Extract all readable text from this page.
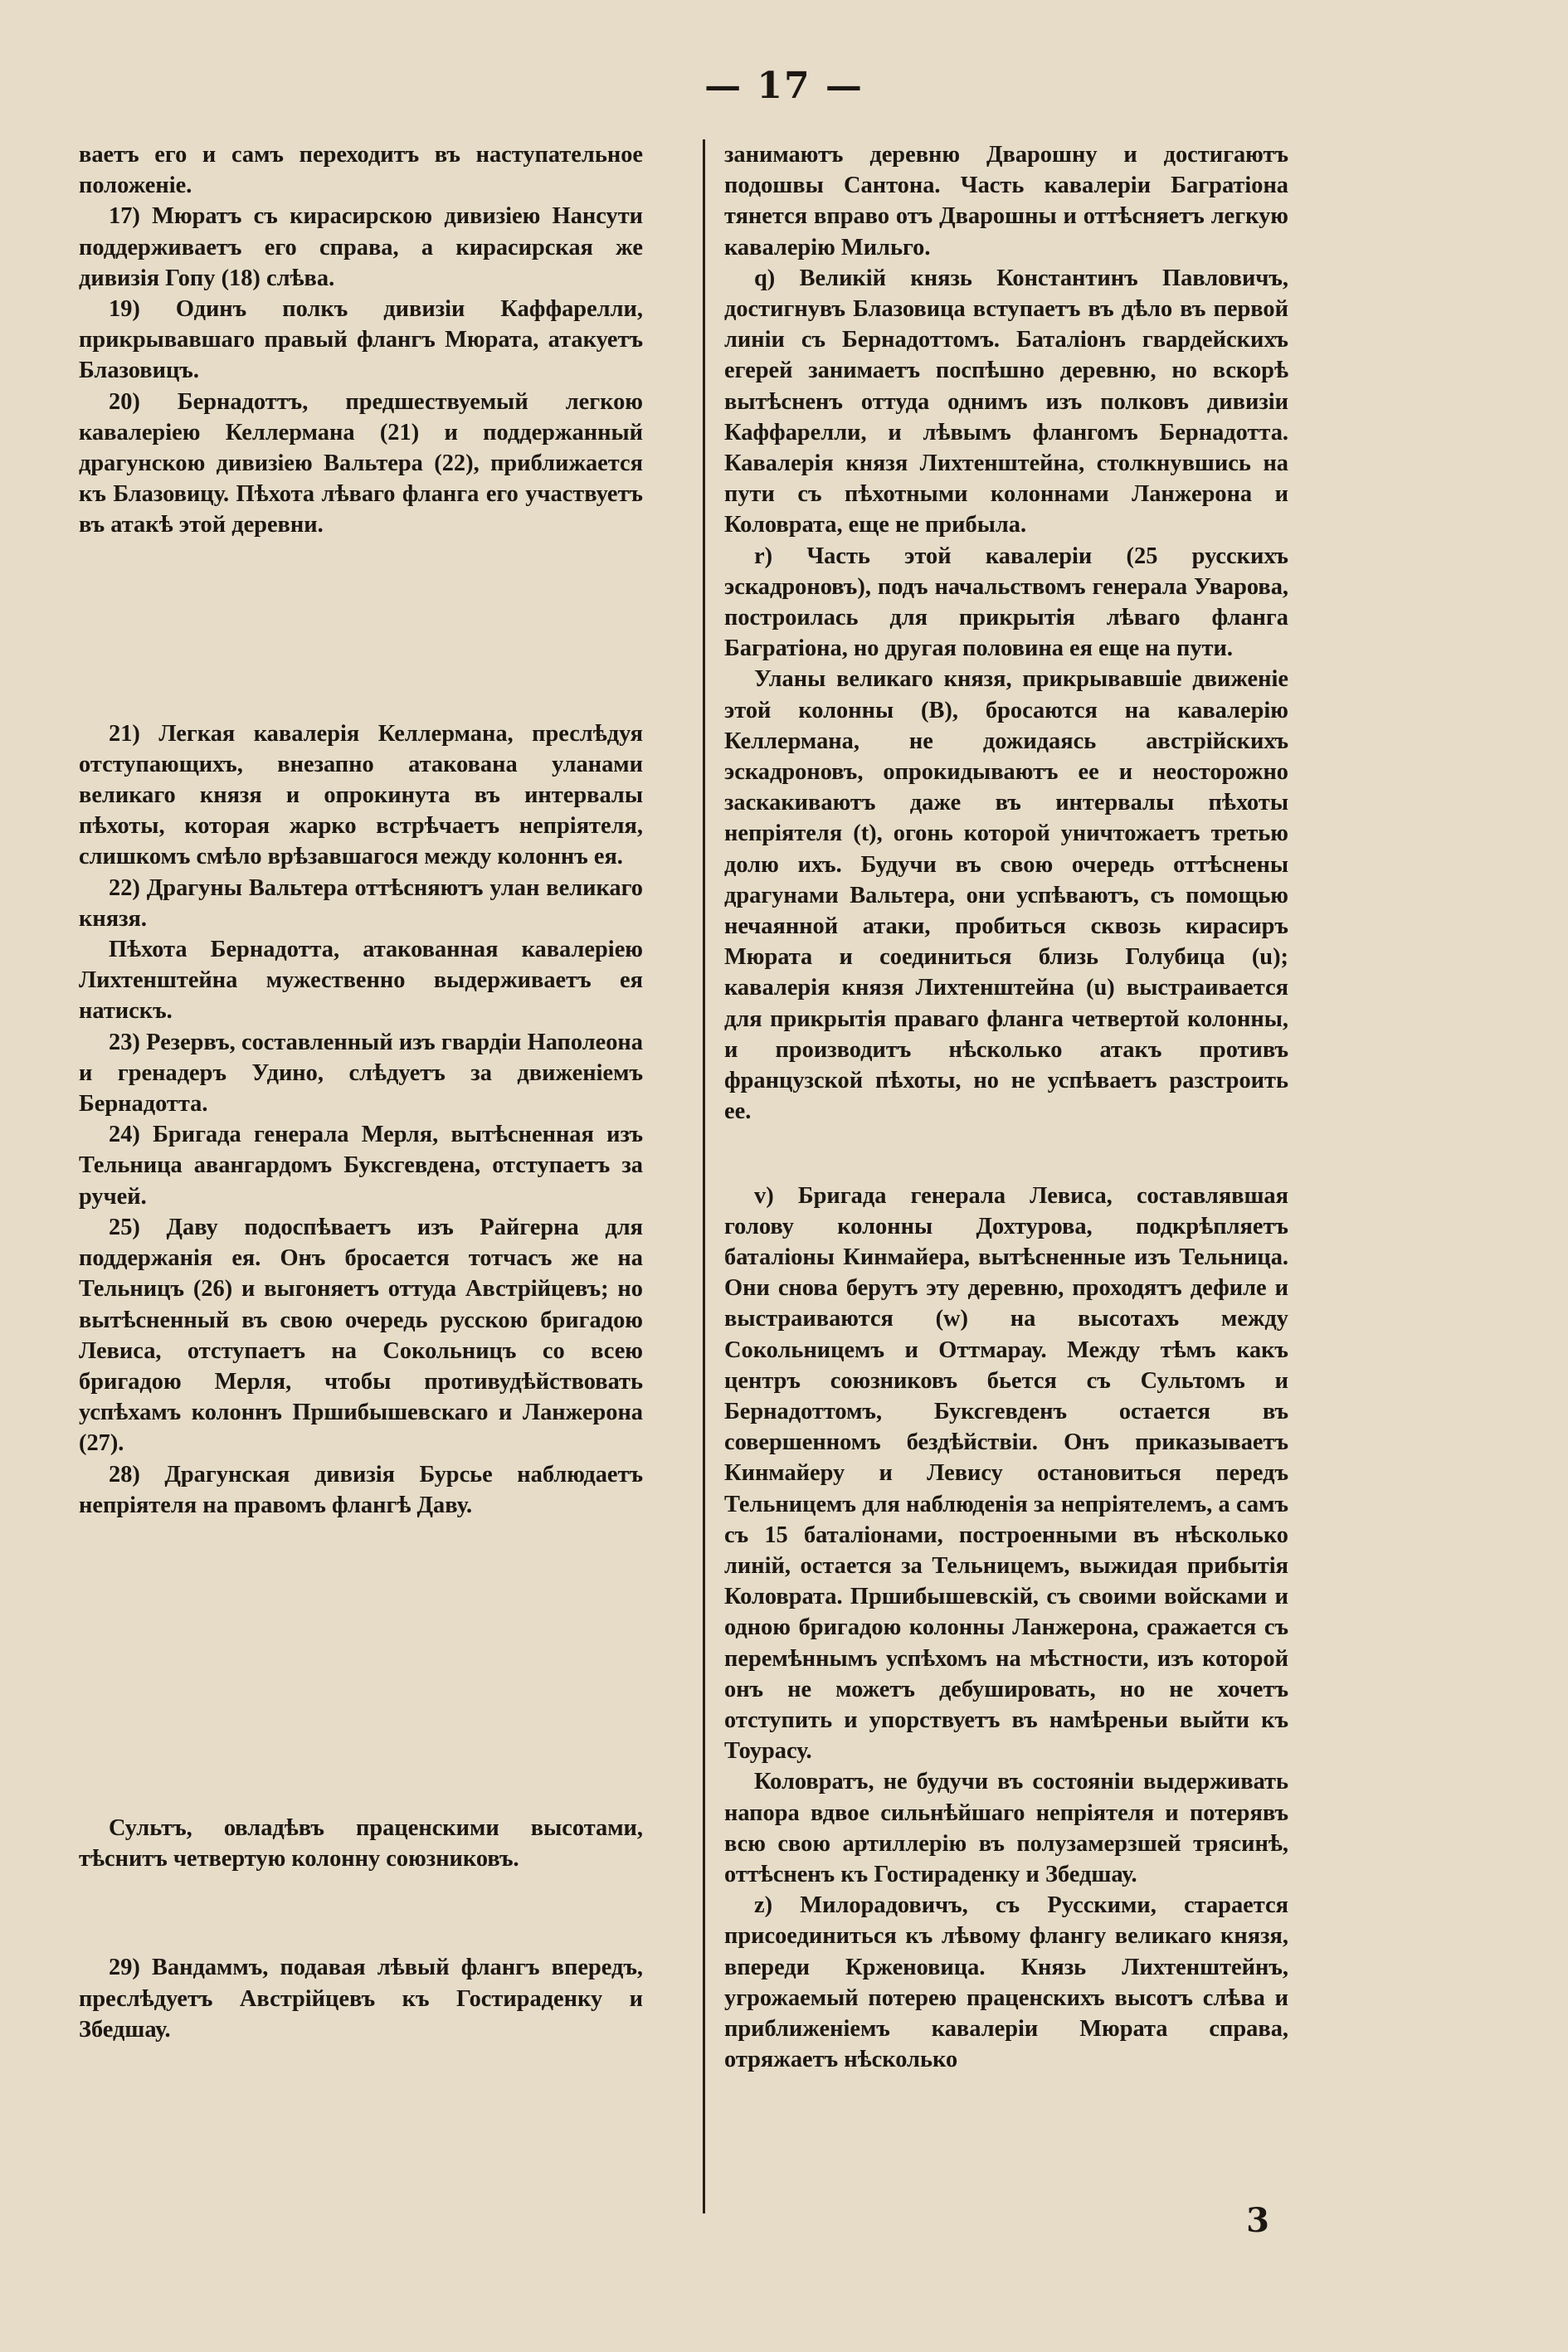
— 17 —

ваетъ его и самъ переходитъ въ наступательное положеніе.

17) Мюратъ съ кирасирскою дивизіею Нансути поддерживаетъ его справа, а кирасирская же дивизія Гопу (18) слѣва.

19) Одинъ полкъ дивизіи Каффарелли, прикрывавшаго правый флангъ Мюрата, атакуетъ Блазовицъ.

20) Бернадоттъ, предшествуемый легкою кавалеріею Келлермана (21) и поддержанный драгунскою дивизіею Вальтера (22), приближается къ Блазовицу. Пѣхота лѣваго фланга его участвуетъ въ атакѣ этой деревни.

21) Легкая кавалерія Келлермана, преслѣдуя отступающихъ, внезапно атакована уланами великаго князя и опрокинута въ интервалы пѣхоты, которая жарко встрѣчаетъ непріятеля, слишкомъ смѣло врѣзавшагося между колоннъ ея.

22) Драгуны Вальтера оттѣсняютъ улан великаго князя.

Пѣхота Бернадотта, атакованная кавалеріею Лихтенштейна мужественно выдерживаетъ ея натискъ.

23) Резервъ, составленный изъ гвардіи Наполеона и гренадеръ Удино, слѣдуетъ за движеніемъ Бернадотта.

24) Бригада генерала Мерля, вытѣсненная изъ Тельница авангардомъ Буксгевдена, отступаетъ за ручей.

25) Даву подоспѣваетъ изъ Райгерна для поддержанія ея. Онъ бросается тотчасъ же на Тельницъ (26) и выгоняетъ оттуда Австрійцевъ; но вытѣсненный въ свою очередь русскою бригадою Левиса, отступаетъ на Сокольницъ со всею бригадою Мерля, чтобы противудѣйствовать успѣхамъ колоннъ Пршибышевскаго и Ланжерона (27).

28) Драгунская дивизія Бурсье наблюдаетъ непріятеля на правомъ флангѣ Даву.

Сультъ, овладѣвъ праценскими высотами, тѣснитъ четвертую колонну союзниковъ.

29) Вандаммъ, подавая лѣвый флангъ впередъ, преслѣдуетъ Австрійцевъ къ Гостираденку и Збедшау.

занимаютъ деревню Дварошну и достигаютъ подошвы Сантона. Часть кавалеріи Багратіона тянется вправо отъ Дварошны и оттѣсняетъ легкую кавалерію Мильго.

q) Великій князь Константинъ Павловичъ, достигнувъ Блазовица вступаетъ въ дѣло въ первой линіи съ Бернадоттомъ. Баталіонъ гвардейскихъ егерей занимаетъ поспѣшно деревню, но вскорѣ вытѣсненъ оттуда однимъ изъ полковъ дивизіи Каффарелли, и лѣвымъ флангомъ Бернадотта. Кавалерія князя Лихтенштейна, столкнувшись на пути съ пѣхотными колоннами Ланжерона и Коловрата, еще не прибыла.

r) Часть этой кавалеріи (25 русскихъ эскадроновъ), подъ начальствомъ генерала Уварова, построилась для прикрытія лѣваго фланга Багратіона, но другая половина ея еще на пути.

Уланы великаго князя, прикрывавшіе движеніе этой колонны (В), бросаются на кавалерію Келлермана, не дожидаясь австрійскихъ эскадроновъ, опрокидываютъ ее и неосторожно заскакиваютъ даже въ интервалы пѣхоты непріятеля (t), огонь которой уничтожаетъ третью долю ихъ. Будучи въ свою очередь оттѣснены драгунами Вальтера, они успѣваютъ, съ помощью нечаянной атаки, пробиться сквозь кирасиръ Мюрата и соединиться близь Голубица (u); кавалерія князя Лихтенштейна (u) выстраивается для прикрытія праваго фланга четвертой колонны, и производитъ нѣсколько атакъ противъ французской пѣхоты, но не успѣваетъ разстроить ее.

v) Бригада генерала Левиса, составлявшая голову колонны Дохтурова, подкрѣпляетъ баталіоны Кинмайера, вытѣсненные изъ Тельница. Они снова берутъ эту деревню, проходятъ дефиле и выстраиваются (w) на высотахъ между Сокольницемъ и Оттмарау. Между тѣмъ какъ центръ союзниковъ бьется съ Сультомъ и Бернадоттомъ, Буксгевденъ остается въ совершенномъ бездѣйствіи. Онъ приказываетъ Кинмайеру и Левису остановиться передъ Тельницемъ для наблюденія за непріятелемъ, а самъ съ 15 баталіонами, построенными въ нѣсколько линій, остается за Тельницемъ, выжидая прибытія Коловрата. Пршибышевскій, съ своими войсками и одною бригадою колонны Ланжерона, сражается съ перемѣннымъ успѣхомъ на мѣстности, изъ которой онъ не можетъ дебушировать, но не хочетъ отступить и упорствуетъ въ намѣреньи выйти къ Тоурасу.

Коловратъ, не будучи въ состояніи выдерживать напора вдвое сильнѣйшаго непріятеля и потерявъ всю свою артиллерію въ полузамерзшей трясинѣ, оттѣсненъ къ Гостираденку и Збедшау.

z) Милорадовичъ, съ Русскими, старается присоединиться къ лѣвому флангу великаго князя, впереди Крженовица. Князь Лихтенштейнъ, угрожаемый потерею праценскихъ высотъ слѣва и приближеніемъ кавалеріи Мюрата справа, отряжаетъ нѣсколько

3
